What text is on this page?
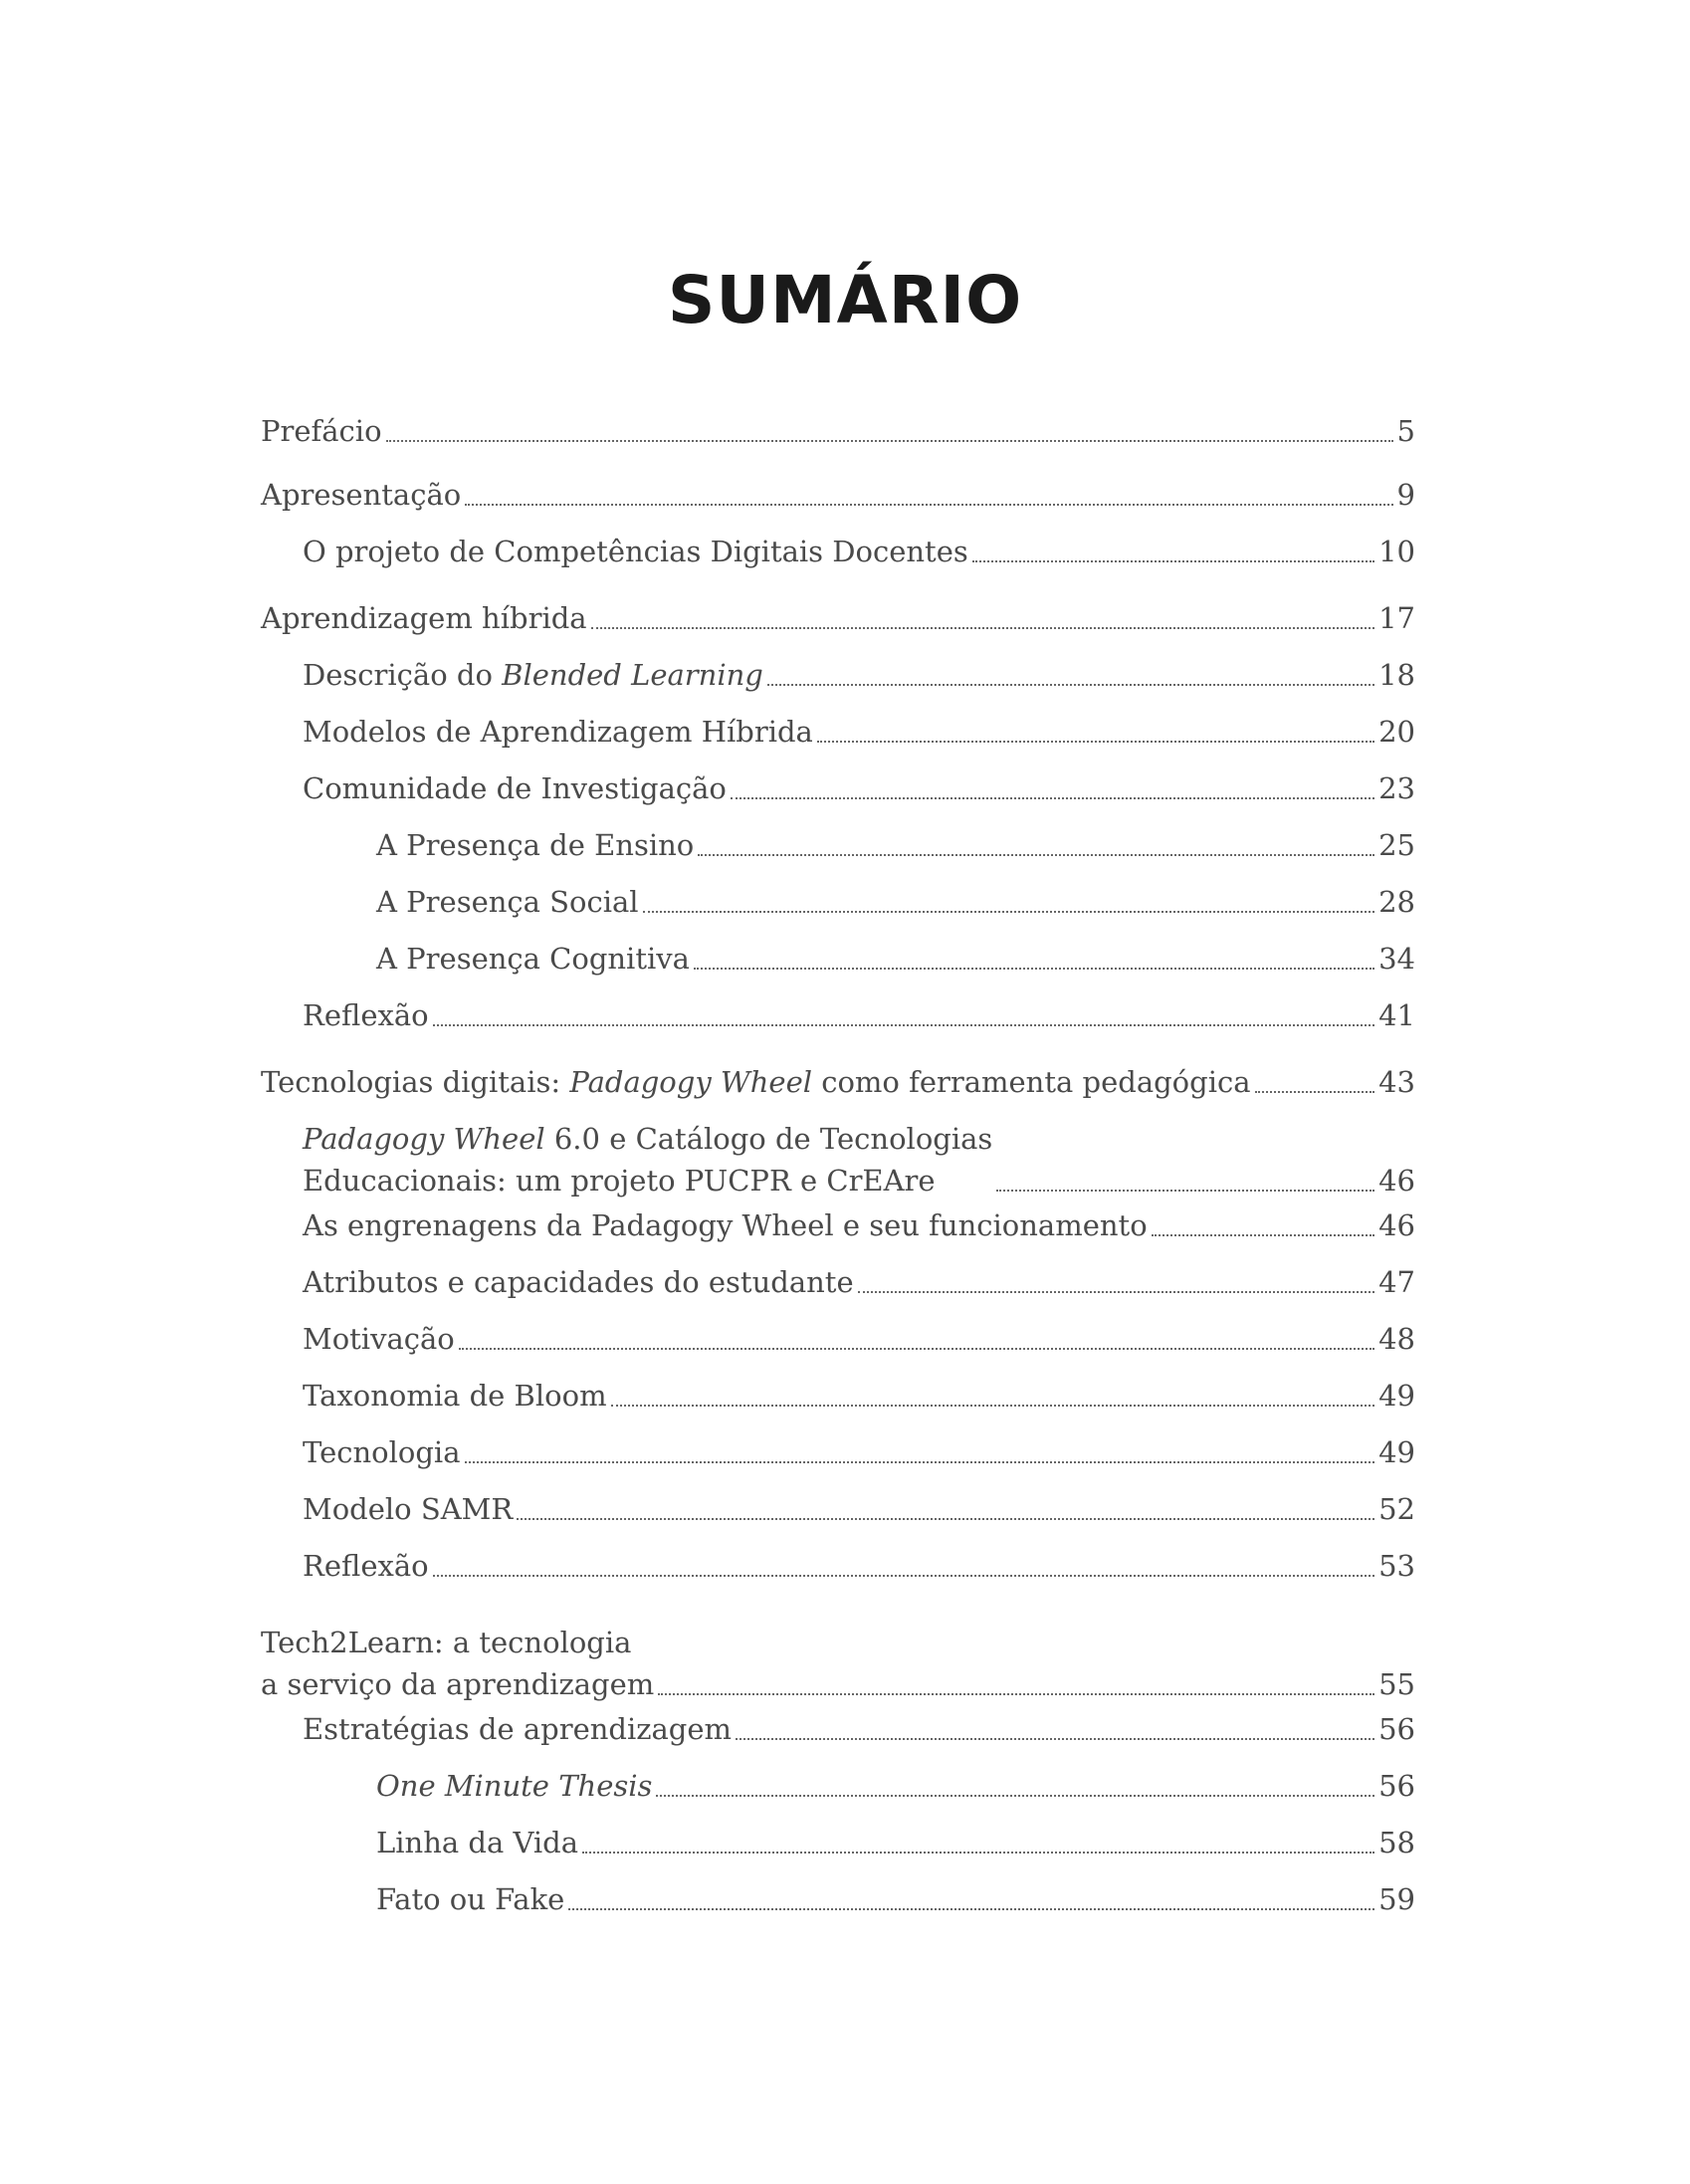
SUMÁRIO
Prefácio	5
Apresentação	9
O projeto de Competências Digitais Docentes	10
Aprendizagem híbrida	17
Descrição do Blended Learning	18
Modelos de Aprendizagem Híbrida	20
Comunidade de Investigação	23
A Presença de Ensino	25
A Presença Social	28
A Presença Cognitiva	34
Reflexão	41
Tecnologias digitais: Padagogy Wheel como ferramenta pedagógica	43
Padagogy Wheel 6.0 e Catálogo de Tecnologias
Educacionais: um projeto PUCPR e CrEAre	46
As engrenagens da Padagogy Wheel e seu funcionamento	46
Atributos e capacidades do estudante	47
Motivação	48
Taxonomia de Bloom	49
Tecnologia	49
Modelo SAMR	52
Reflexão	53
Tech2Learn: a tecnologia
a serviço da aprendizagem	55
Estratégias de aprendizagem	56
One Minute Thesis	56
Linha da Vida	58
Fato ou Fake	59
